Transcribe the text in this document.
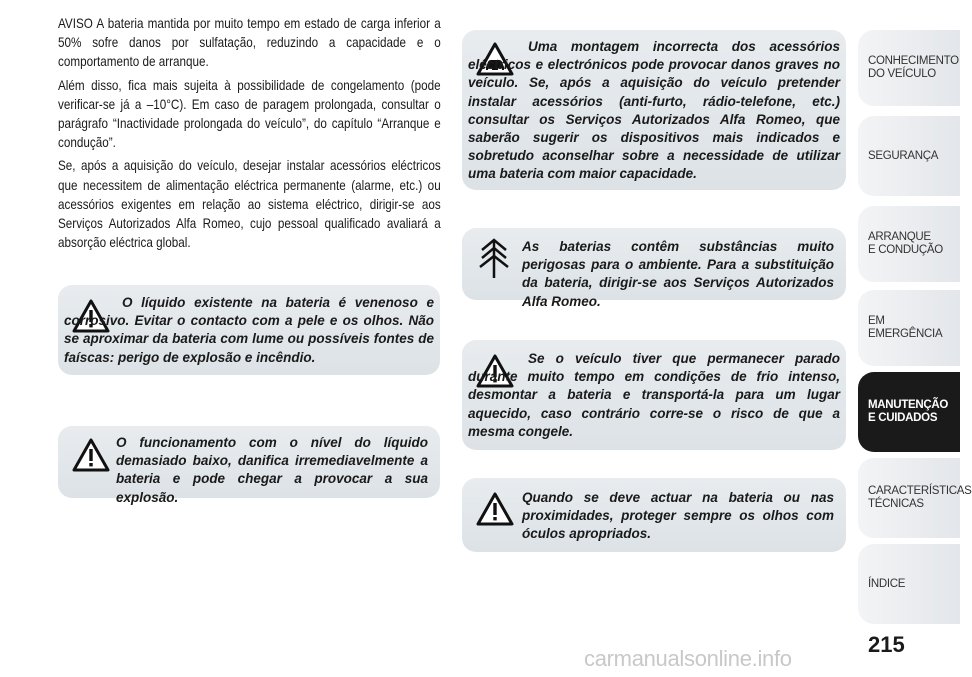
AVISO A bateria mantida por muito tempo em estado de carga inferior a 50% sofre danos por sulfatação, reduzindo a capacidade e o comportamento de arranque.

Além disso, fica mais sujeita à possibilidade de congelamento (pode verificar-se já a –10°C). Em caso de paragem prolongada, consultar o parágrafo “Inactividade prolongada do veículo”, do capítulo “Arranque e condução”.

Se, após a aquisição do veículo, desejar instalar acessórios eléctricos que necessitem de alimentação eléctrica permanente (alarme, etc.) ou acessórios exigentes em relação ao sistema eléctrico, dirigir-se aos Serviços Autorizados Alfa Romeo, cujo pessoal qualificado avaliará a absorção eléctrica global.

O líquido existente na bateria é venenoso e corrosivo. Evitar o contacto com a pele e os olhos. Não se aproximar da bateria com lume ou possíveis fontes de faíscas: perigo de explosão e incêndio.
O funcionamento com o nível do líquido demasiado baixo, danifica irremediavelmente a bateria e pode chegar a provocar a sua explosão.
Uma montagem incorrecta dos acessórios eléctricos e electrónicos pode provocar danos graves no veículo. Se, após a aquisição do veículo pretender instalar acessórios (anti-furto, rádio-telefone, etc.) consultar os Serviços Autorizados Alfa Romeo, que saberão sugerir os dispositivos mais indicados e sobretudo aconselhar sobre a necessidade de utilizar uma bateria com maior capacidade.
As baterias contêm substâncias muito perigosas para o ambiente. Para a substituição da bateria, dirigir-se aos Serviços Autorizados Alfa Romeo.
Se o veículo tiver que permanecer parado durante muito tempo em condições de frio intenso, desmontar a bateria e transportá-la para um lugar aquecido, caso contrário corre-se o risco de que a mesma congele.
Quando se deve actuar na bateria ou nas proximidades, proteger sempre os olhos com óculos apropriados.
CONHECIMENTO
DO VEÍCULO
SEGURANÇA
ARRANQUE
E CONDUÇÃO
EM EMERGÊNCIA
MANUTENÇÃO
E CUIDADOS
CARACTERÍSTICAS
TÉCNICAS
ÍNDICE
215
carmanualsonline.info
